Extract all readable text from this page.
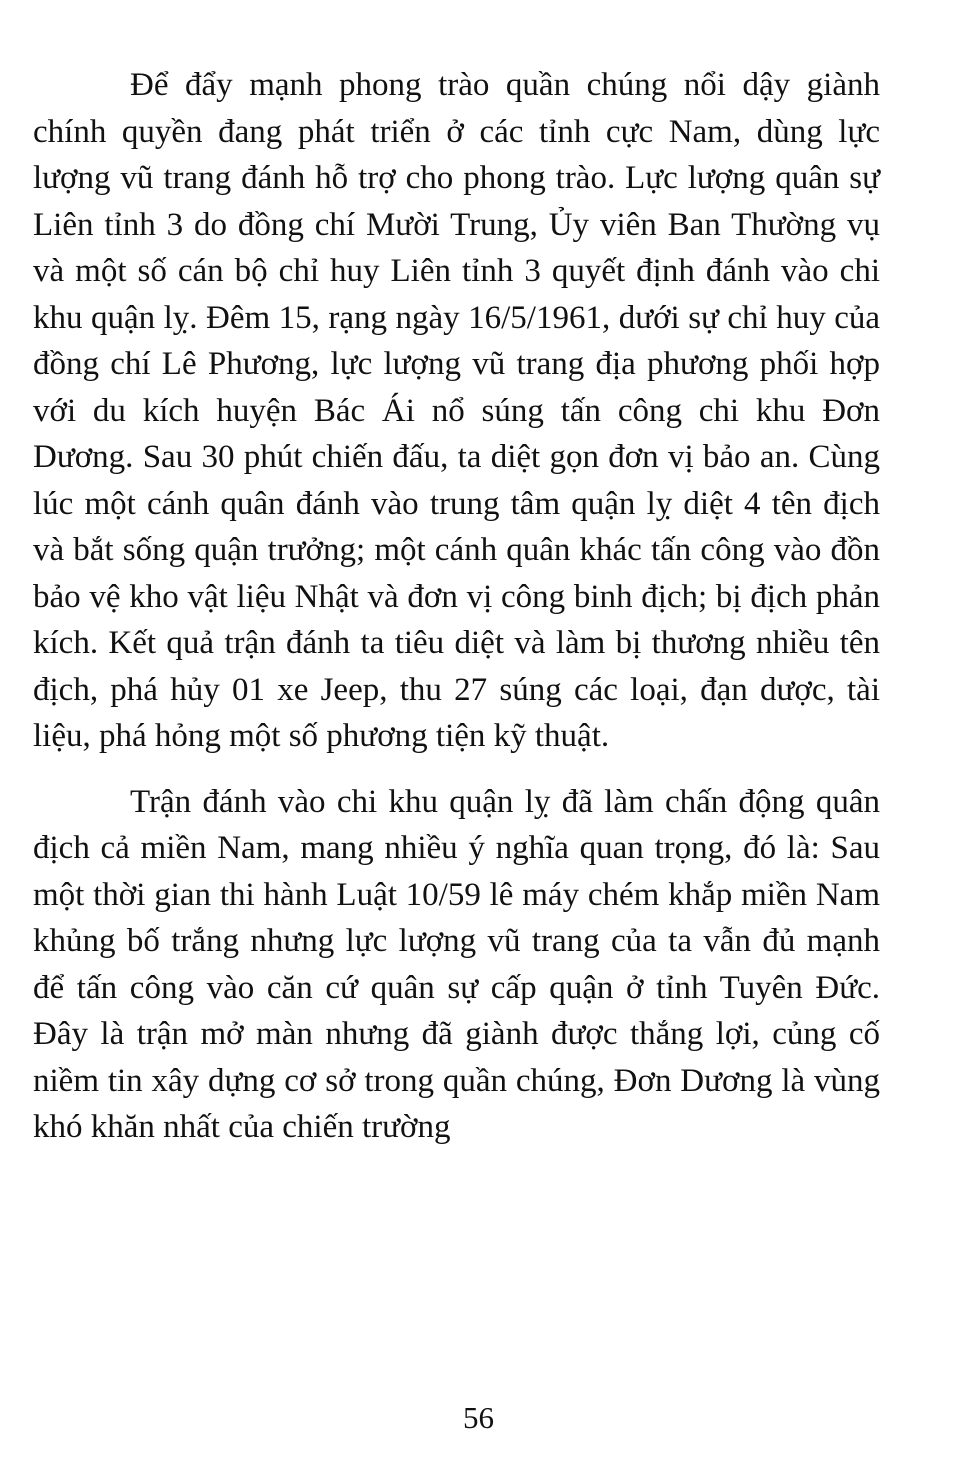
Để đẩy mạnh phong trào quần chúng nổi dậy giành chính quyền đang phát triển ở các tỉnh cực Nam, dùng lực lượng vũ trang đánh hỗ trợ cho phong trào. Lực lượng quân sự Liên tỉnh 3 do đồng chí Mười Trung, Ủy viên Ban Thường vụ và một số cán bộ chỉ huy Liên tỉnh 3 quyết định đánh vào chi khu quận lỵ. Đêm 15, rạng ngày 16/5/1961, dưới sự chỉ huy của đồng chí Lê Phương, lực lượng vũ trang địa phương phối hợp với du kích huyện Bác Ái nổ súng tấn công chi khu Đơn Dương. Sau 30 phút chiến đấu, ta diệt gọn đơn vị bảo an. Cùng lúc một cánh quân đánh vào trung tâm quận lỵ diệt 4 tên địch và bắt sống quận trưởng; một cánh quân khác tấn công vào đồn bảo vệ kho vật liệu Nhật và đơn vị công binh địch; bị địch phản kích. Kết quả trận đánh ta tiêu diệt và làm bị thương nhiều tên địch, phá hủy 01 xe Jeep, thu 27 súng các loại, đạn dược, tài liệu, phá hỏng một số phương tiện kỹ thuật.

Trận đánh vào chi khu quận lỵ đã làm chấn động quân địch cả miền Nam, mang nhiều ý nghĩa quan trọng, đó là: Sau một thời gian thi hành Luật 10/59 lê máy chém khắp miền Nam khủng bố trắng nhưng lực lượng vũ trang của ta vẫn đủ mạnh để tấn công vào căn cứ quân sự cấp quận ở tỉnh Tuyên Đức. Đây là trận mở màn nhưng đã giành được thắng lợi, củng cố niềm tin xây dựng cơ sở trong quần chúng, Đơn Dương là vùng khó khăn nhất của chiến trường

56
